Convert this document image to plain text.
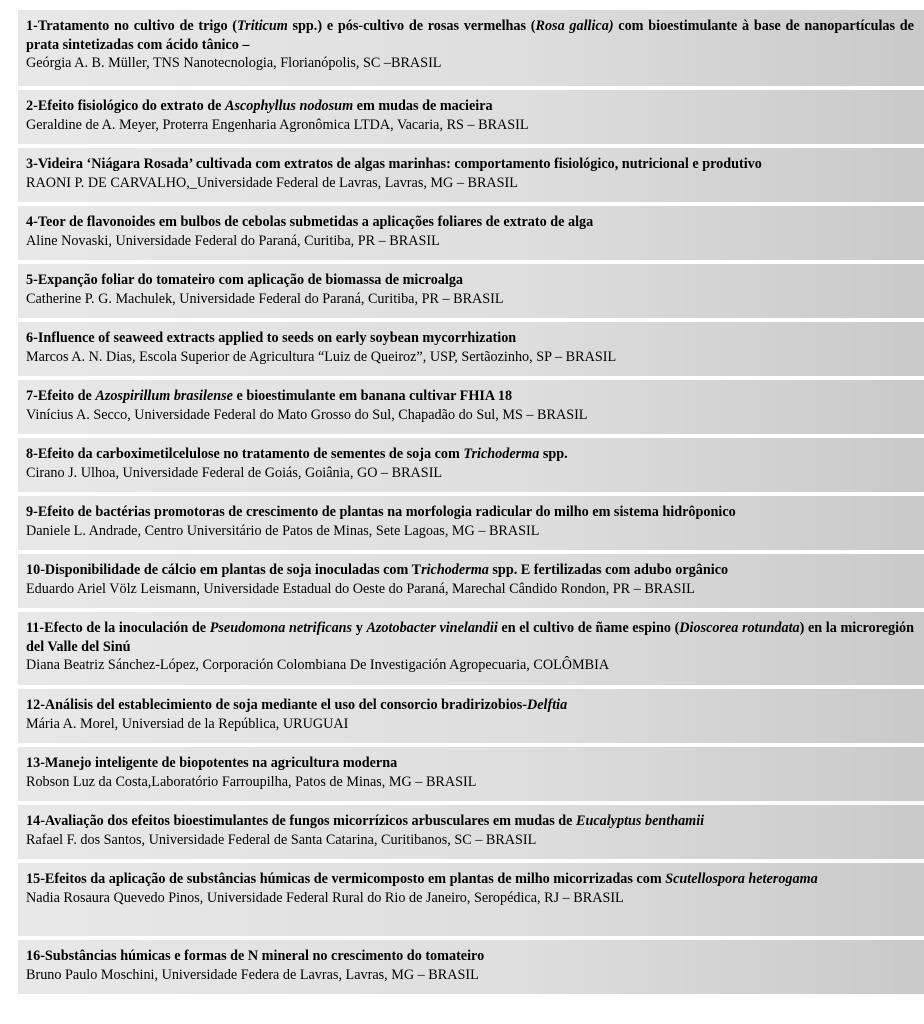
1-Tratamento no cultivo de trigo (Triticum spp.) e pós-cultivo de rosas vermelhas (Rosa gallica) com bioestimulante à base de nanopartículas de prata sintetizadas com ácido tânico –
Geórgia A. B. Müller, TNS Nanotecnologia, Florianópolis, SC –BRASIL
2-Efeito fisiológico do extrato de Ascophyllus nodosum em mudas de macieira
Geraldine de A. Meyer, Proterra Engenharia Agronômica LTDA, Vacaria, RS – BRASIL
3-Videira ‘Niágara Rosada’ cultivada com extratos de algas marinhas: comportamento fisiológico, nutricional e produtivo
RAONI P. DE CARVALHO,_Universidade Federal de Lavras, Lavras, MG – BRASIL
4-Teor de flavonoides em bulbos de cebolas submetidas a aplicações foliares de extrato de alga
Aline Novaski, Universidade Federal do Paraná, Curitiba, PR – BRASIL
5-Expanção foliar do tomateiro com aplicação de biomassa de microalga
Catherine P. G. Machulek, Universidade Federal do Paraná, Curitiba, PR – BRASIL
6-Influence of seaweed extracts applied to seeds on early soybean mycorrhization
Marcos A. N. Dias, Escola Superior de Agricultura “Luiz de Queiroz”, USP, Sertãozinho, SP – BRASIL
7-Efeito de Azospirillum brasilense e bioestimulante em banana cultivar FHIA 18
Vinícius A. Secco, Universidade Federal do Mato Grosso do Sul, Chapadão do Sul, MS – BRASIL
8-Efeito da carboximetilcelulose no tratamento de sementes de soja com Trichoderma spp.
Cirano J. Ulhoa, Universidade Federal de Goiás, Goiânia, GO – BRASIL
9-Efeito de bactérias promotoras de crescimento de plantas na morfologia radicular do milho em sistema hidrôponico
Daniele L. Andrade, Centro Universitário de Patos de Minas, Sete Lagoas, MG – BRASIL
10-Disponibilidade de cálcio em plantas de soja inoculadas com Trichoderma spp. E fertilizadas com adubo orgânico
Eduardo Ariel Völz Leismann, Universidade Estadual do Oeste do Paraná, Marechal Cândido Rondon, PR – BRASIL
11-Efecto de la inoculación de Pseudomona netrificans y Azotobacter vinelandii en el cultivo de ñame espino (Dioscorea rotundata) en la microregión del Valle del Sinú
Diana Beatriz Sánchez-López, Corporación Colombiana De Investigación Agropecuaria, COLÔMBIA
12-Análisis del establecimiento de soja mediante el uso del consorcio bradirizobios-Delftia
Mária A. Morel, Universiad de la República, URUGUAI
13-Manejo inteligente de biopotentes na agricultura moderna
Robson Luz da Costa,Laboratório Farroupilha, Patos de Minas, MG – BRASIL
14-Avaliação dos efeitos bioestimulantes de fungos micorrízicos arbusculares em mudas de Eucalyptus benthamii
Rafael F. dos Santos, Universidade Federal de Santa Catarina, Curitibanos, SC – BRASIL
15-Efeitos da aplicação de substâncias húmicas de vermicomposto em plantas de milho micorrizadas com Scutellospora heterogama
Nadia Rosaura Quevedo Pinos, Universidade Federal Rural do Rio de Janeiro, Seropédica, RJ – BRASIL
16-Substâncias húmicas e formas de N mineral no crescimento do tomateiro
Bruno Paulo Moschini, Universidade Federa de Lavras, Lavras, MG – BRASIL
